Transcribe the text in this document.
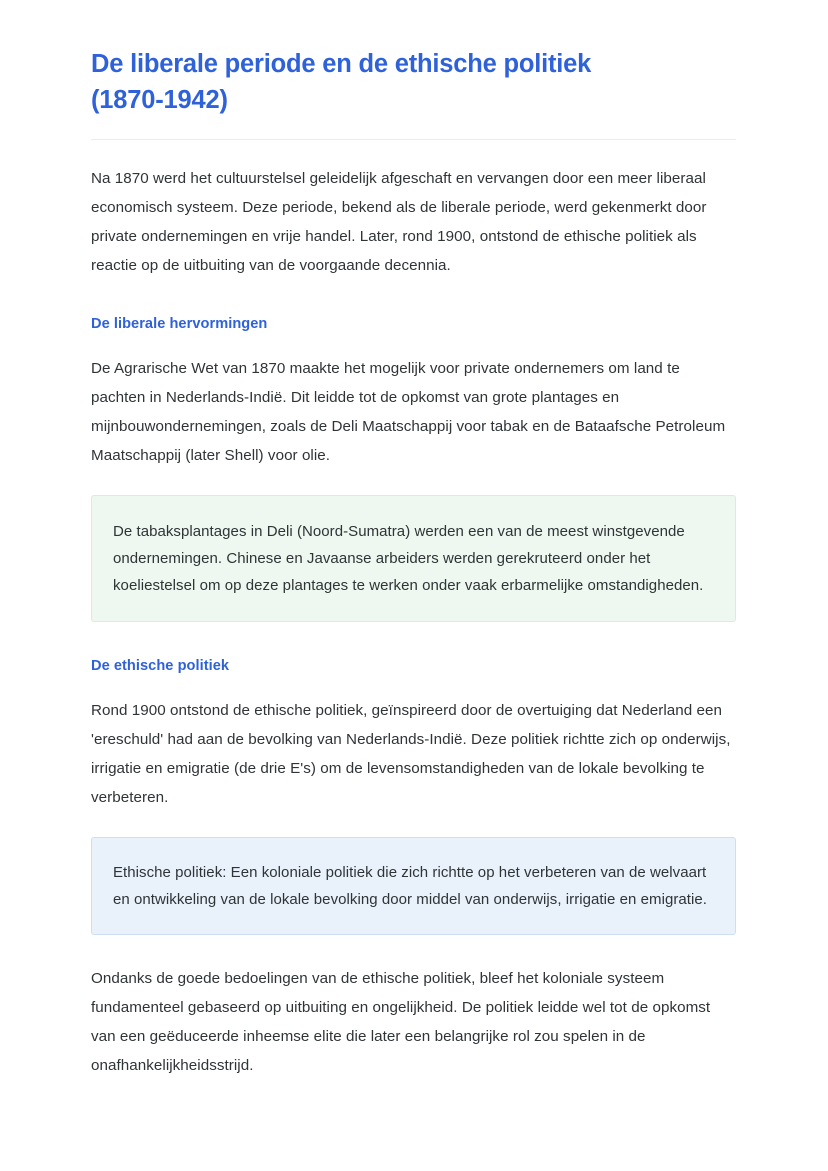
De liberale periode en de ethische politiek
(1870-1942)

Na 1870 werd het cultuurstelsel geleidelijk afgeschaft en vervangen door een meer liberaal economisch systeem. Deze periode, bekend als de liberale periode, werd gekenmerkt door private ondernemingen en vrije handel. Later, rond 1900, ontstond de ethische politiek als reactie op de uitbuiting van de voorgaande decennia.

De liberale hervormingen

De Agrarische Wet van 1870 maakte het mogelijk voor private ondernemers om land te pachten in Nederlands-Indië. Dit leidde tot de opkomst van grote plantages en mijnbouwondernemingen, zoals de Deli Maatschappij voor tabak en de Bataafsche Petroleum Maatschappij (later Shell) voor olie.

De tabaksplantages in Deli (Noord-Sumatra) werden een van de meest winstgevende ondernemingen. Chinese en Javaanse arbeiders werden gerekruteerd onder het koeliestelsel om op deze plantages te werken onder vaak erbarmelijke omstandigheden.

De ethische politiek

Rond 1900 ontstond de ethische politiek, geïnspireerd door de overtuiging dat Nederland een 'ereschuld' had aan de bevolking van Nederlands-Indië. Deze politiek richtte zich op onderwijs, irrigatie en emigratie (de drie E's) om de levensomstandigheden van de lokale bevolking te verbeteren.

Ethische politiek: Een koloniale politiek die zich richtte op het verbeteren van de welvaart en ontwikkeling van de lokale bevolking door middel van onderwijs, irrigatie en emigratie.

Ondanks de goede bedoelingen van de ethische politiek, bleef het koloniale systeem fundamenteel gebaseerd op uitbuiting en ongelijkheid. De politiek leidde wel tot de opkomst van een geëduceerde inheemse elite die later een belangrijke rol zou spelen in de onafhankelijkheidsstrijd.
